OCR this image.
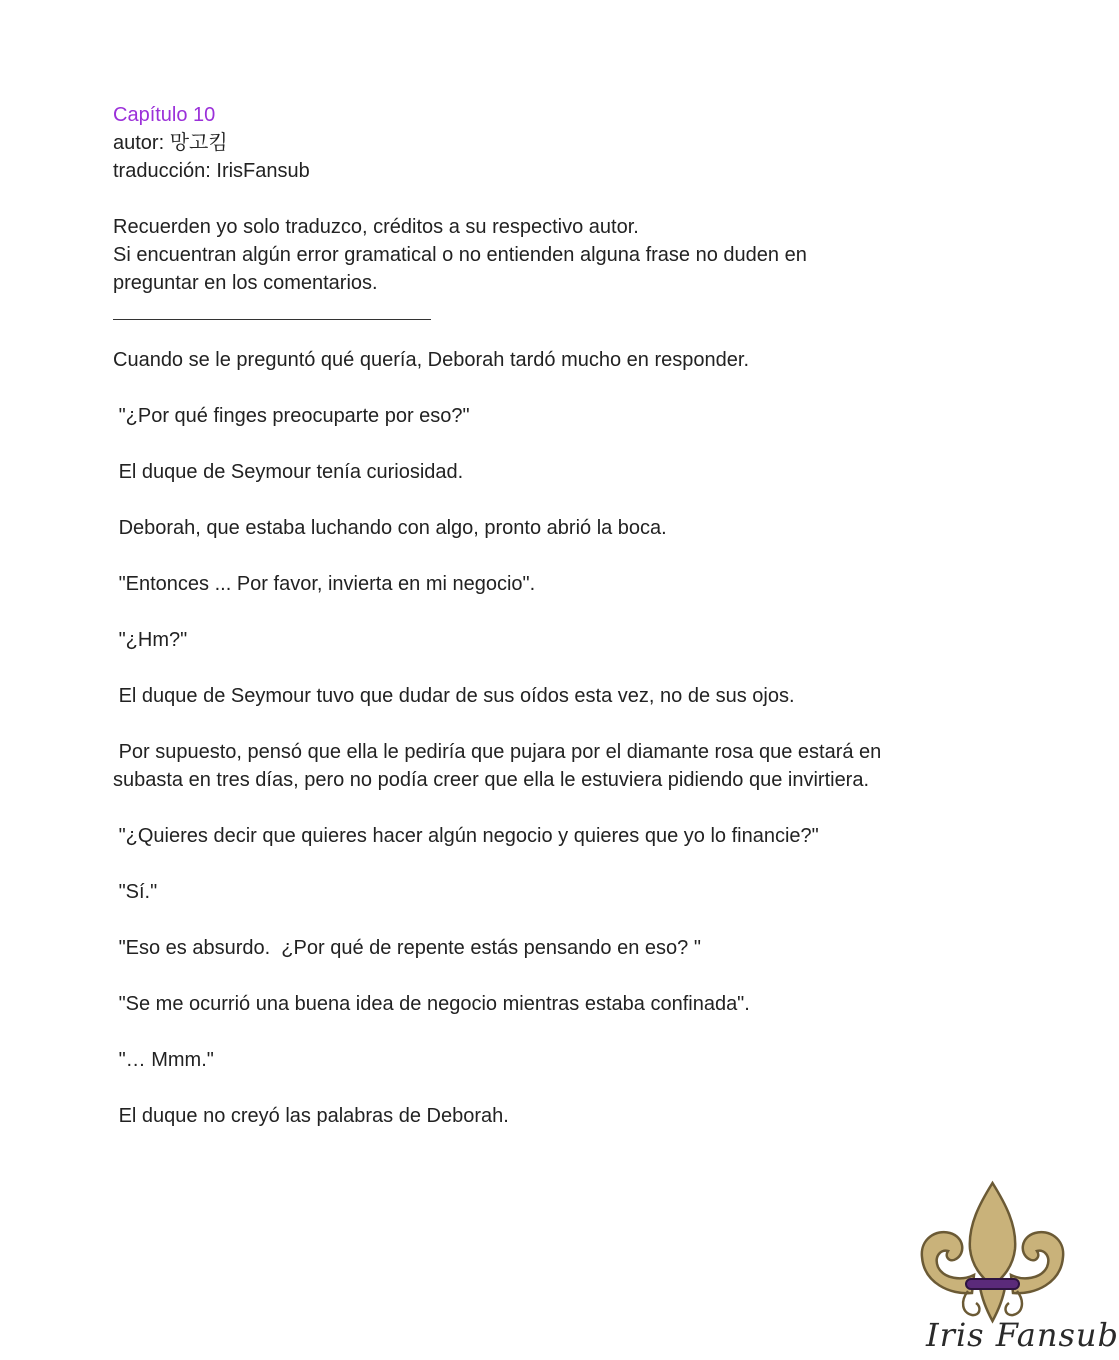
Capítulo 10

autor: 망고킴

traducción: IrisFansub

Recuerden yo solo traduzco, créditos a su respectivo autor.

Si encuentran algún error gramatical o no entienden alguna frase no duden en

preguntar en los comentarios.

Cuando se le preguntó qué quería, Deborah tardó mucho en responder.

"¿Por qué finges preocuparte por eso?"

El duque de Seymour tenía curiosidad.

Deborah, que estaba luchando con algo, pronto abrió la boca.

"Entonces ... Por favor, invierta en mi negocio".

"¿Hm?"

El duque de Seymour tuvo que dudar de sus oídos esta vez, no de sus ojos.

Por supuesto, pensó que ella le pediría que pujara por el diamante rosa que estará en

subasta en tres días, pero no podía creer que ella le estuviera pidiendo que invirtiera.

"¿Quieres decir que quieres hacer algún negocio y quieres que yo lo financie?"

"Sí."

"Eso es absurdo.  ¿Por qué de repente estás pensando en eso? "

"Se me ocurrió una buena idea de negocio mientras estaba confinada".

"… Mmm."

El duque no creyó las palabras de Deborah.

Iris Fansub
